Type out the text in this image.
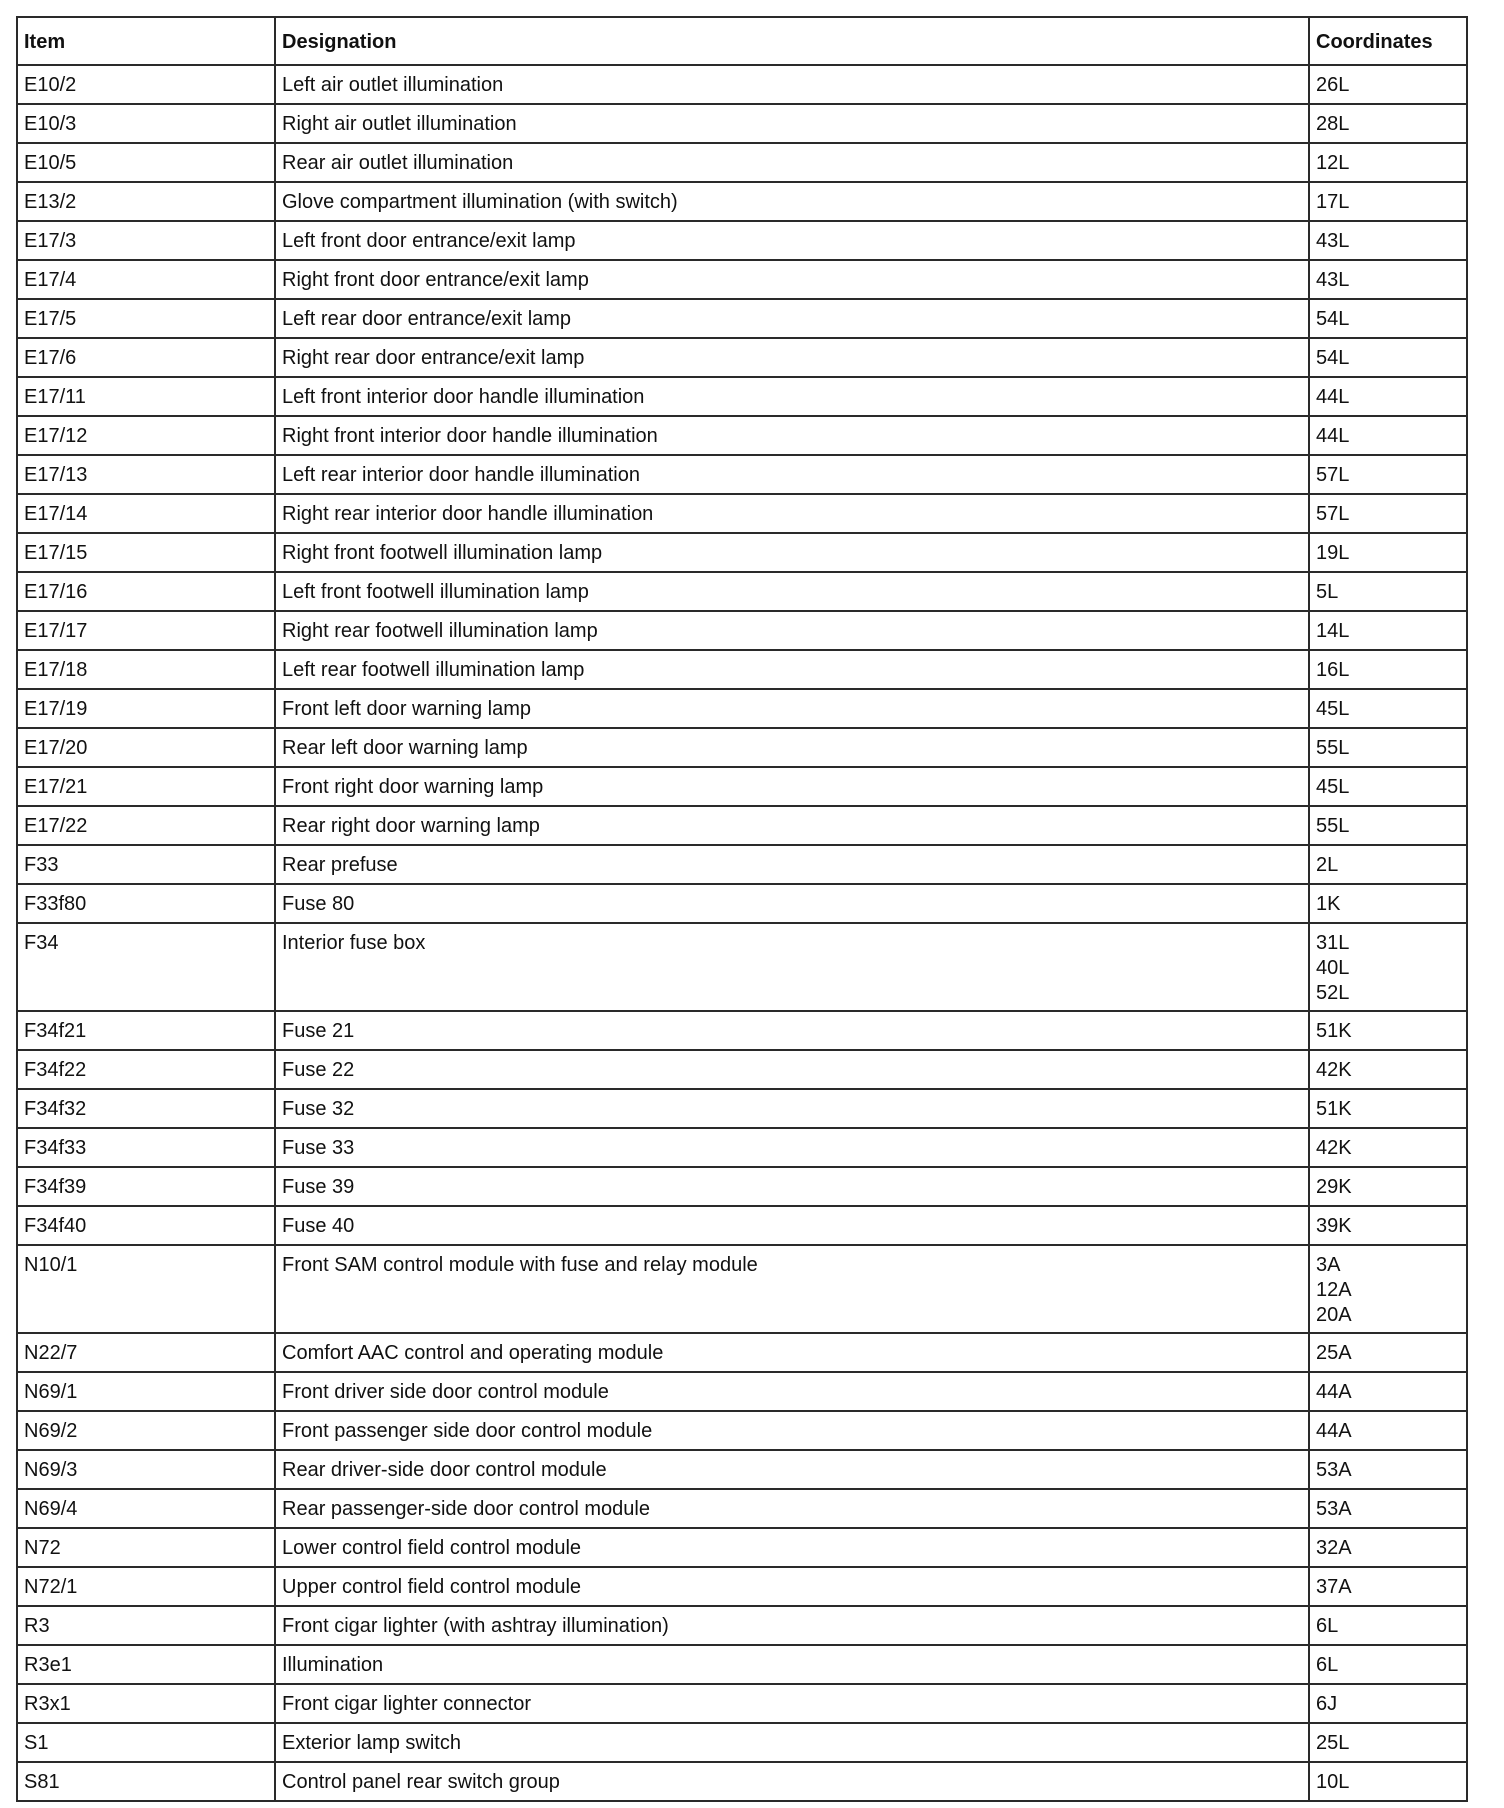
Item	Designation	Coordinates
E10/2	Left air outlet illumination	26L

E10/3	Right air outlet illumination	28L

E10/5	Rear air outlet illumination	12L

E13/2	Glove compartment illumination (with switch)	17L

E17/3	Left front door entrance/exit lamp	43L

E17/4	Right front door entrance/exit lamp	43L

E17/5	Left rear door entrance/exit lamp	54L

E17/6	Right rear door entrance/exit lamp	54L

E17/11	Left front interior door handle illumination	44L

E17/12	Right front interior door handle illumination	44L

E17/13	Left rear interior door handle illumination	57L

E17/14	Right rear interior door handle illumination	57L

E17/15	Right front footwell illumination lamp	19L

E17/16	Left front footwell illumination lamp	5L

E17/17	Right rear footwell illumination lamp	14L

E17/18	Left rear footwell illumination lamp	16L

E17/19	Front left door warning lamp	45L

E17/20	Rear left door warning lamp	55L

E17/21	Front right door warning lamp	45L

E17/22	Rear right door warning lamp	55L

F33	Rear prefuse	2L

F33f80	Fuse 80	1K

F34	Interior fuse box	31L
40L
52L

F34f21	Fuse 21	51K

F34f22	Fuse 22	42K

F34f32	Fuse 32	51K

F34f33	Fuse 33	42K

F34f39	Fuse 39	29K

F34f40	Fuse 40	39K

N10/1	Front SAM control module with fuse and relay module	3A
12A
20A

N22/7	Comfort AAC control and operating module	25A

N69/1	Front driver side door control module	44A

N69/2	Front passenger side door control module	44A

N69/3	Rear driver-side door control module	53A

N69/4	Rear passenger-side door control module	53A

N72	Lower control field control module	32A

N72/1	Upper control field control module	37A

R3	Front cigar lighter (with ashtray illumination)	6L

R3e1	Illumination	6L

R3x1	Front cigar lighter connector	6J

S1	Exterior lamp switch	25L

S81	Control panel rear switch group	10L
